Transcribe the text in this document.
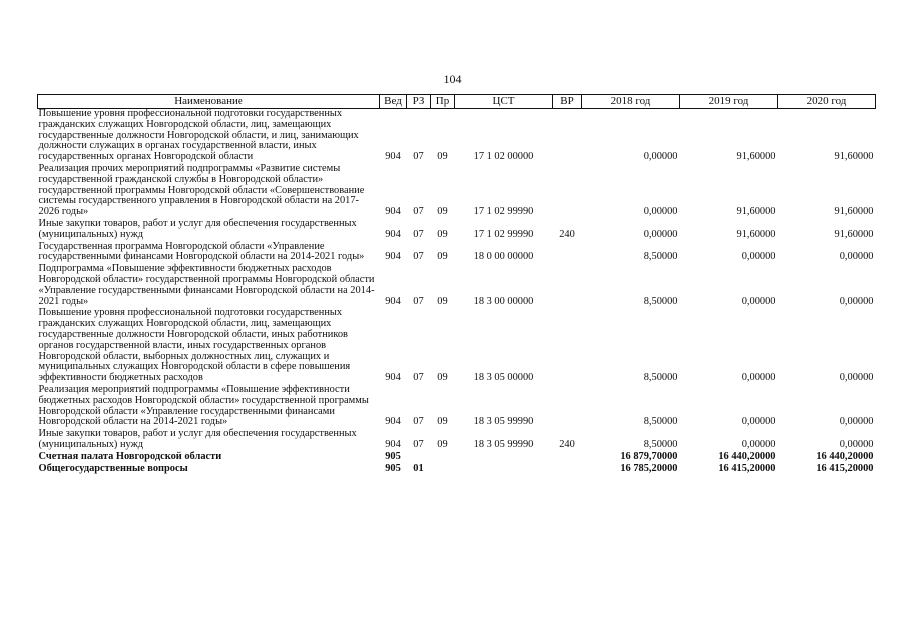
104
Наименование	Вед	РЗ	Пр	ЦСТ	ВР	2018 год	2019 год	2020 год
Повышение уровня профессиональной подготовки государственных гражданских служащих Новгородской области, лиц, замещающих государственные должности Новгородской области, и лиц, занимающих должности служащих в органах государственной власти, иных государственных органах Новгородской области	904	07	09	17 1 02 00000		0,00000	91,60000	91,60000
Реализация прочих мероприятий подпрограммы «Развитие системы государственной гражданской службы в Новгородской области» государственной программы Новгородской области «Совершенствование системы государственного управления в Новгородской области на 2017-2026 годы»	904	07	09	17 1 02 99990		0,00000	91,60000	91,60000
Иные закупки товаров, работ и услуг для обеспечения государственных (муниципальных) нужд	904	07	09	17 1 02 99990	240	0,00000	91,60000	91,60000
Государственная программа Новгородской области «Управление государственными финансами Новгородской области на 2014-2021 годы»	904	07	09	18 0 00 00000		8,50000	0,00000	0,00000
Подпрограмма «Повышение эффективности бюджетных расходов Новгородской области» государственной программы Новгородской области «Управление государственными финансами Новгородской области на 2014-2021 годы»	904	07	09	18 3 00 00000		8,50000	0,00000	0,00000
Повышение уровня профессиональной подготовки государственных гражданских служащих Новгородской области, лиц, замещающих государственные должности Новгородской области, иных работников органов государственной власти, иных государственных органов Новгородской области, выборных должностных лиц, служащих и муниципальных служащих Новгородской области в сфере повышения эффективности бюджетных расходов	904	07	09	18 3 05 00000		8,50000	0,00000	0,00000
Реализация мероприятий подпрограммы «Повышение эффективности бюджетных расходов Новгородской области» государственной программы Новгородской области «Управление государственными финансами Новгородской области на 2014-2021 годы»	904	07	09	18 3 05 99990		8,50000	0,00000	0,00000
Иные закупки товаров, работ и услуг для обеспечения государственных (муниципальных) нужд	904	07	09	18 3 05 99990	240	8,50000	0,00000	0,00000
Счетная палата Новгородской области	905					16 879,70000	16 440,20000	16 440,20000
Общегосударственные вопросы	905	01				16 785,20000	16 415,20000	16 415,20000
